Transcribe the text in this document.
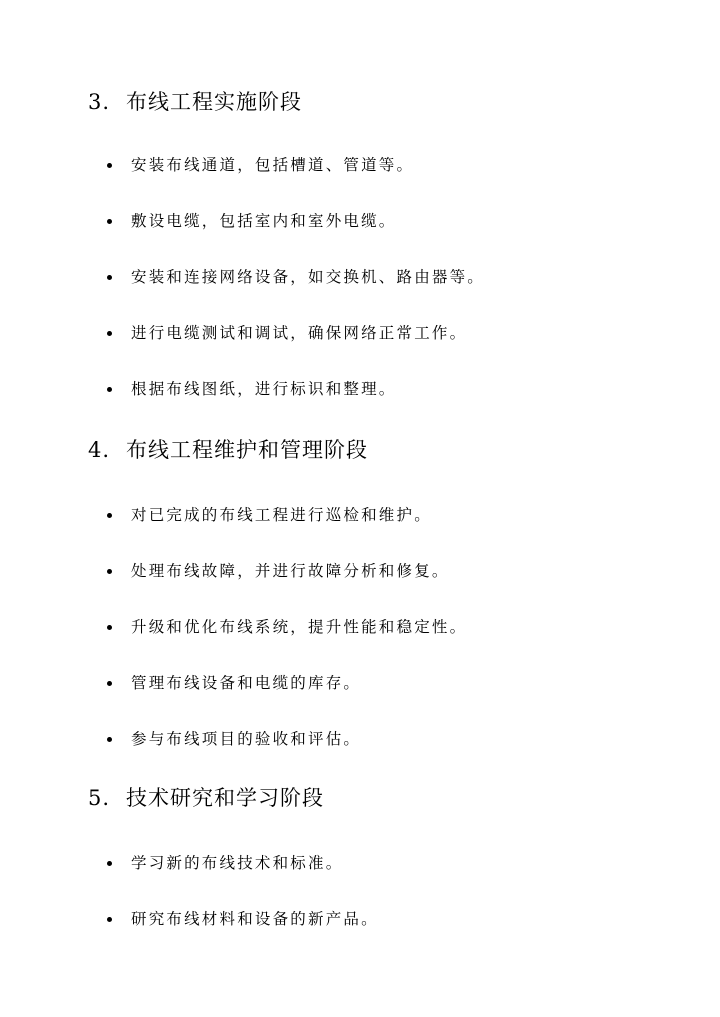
3. 布线工程实施阶段
安装布线通道，包括槽道、管道等。
敷设电缆，包括室内和室外电缆。
安装和连接网络设备，如交换机、路由器等。
进行电缆测试和调试，确保网络正常工作。
根据布线图纸，进行标识和整理。
4. 布线工程维护和管理阶段
对已完成的布线工程进行巡检和维护。
处理布线故障，并进行故障分析和修复。
升级和优化布线系统，提升性能和稳定性。
管理布线设备和电缆的库存。
参与布线项目的验收和评估。
5. 技术研究和学习阶段
学习新的布线技术和标准。
研究布线材料和设备的新产品。
